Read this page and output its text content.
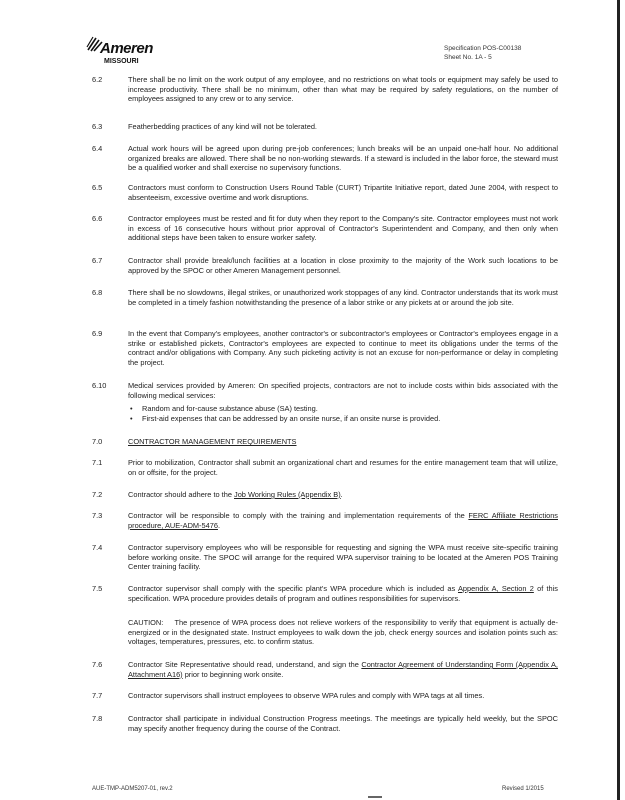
Ameren
MISSOURI
Specification POS-C00138
Sheet No. 1A - 5
6.2	There shall be no limit on the work output of any employee, and no restrictions on what tools or equipment may safely be used to increase productivity. There shall be no minimum, other than what may be required by safety regulations, on the number of employees assigned to any crew or to any service.
6.3	Featherbedding practices of any kind will not be tolerated.
6.4	Actual work hours will be agreed upon during pre-job conferences; lunch breaks will be an unpaid one-half hour. No additional organized breaks are allowed. There shall be no non-working stewards. If a steward is included in the labor force, the steward must be a qualified worker and shall exercise no supervisory functions.
6.5	Contractors must conform to Construction Users Round Table (CURT) Tripartite Initiative report, dated June 2004, with respect to absenteeism, excessive overtime and work disruptions.
6.6	Contractor employees must be rested and fit for duty when they report to the Company's site. Contractor employees must not work in excess of 16 consecutive hours without prior approval of Contractor's Superintendent and Company, and then only when additional steps have been taken to ensure worker safety.
6.7	Contractor shall provide break/lunch facilities at a location in close proximity to the majority of the Work such locations to be approved by the SPOC or other Ameren Management personnel.
6.8	There shall be no slowdowns, illegal strikes, or unauthorized work stoppages of any kind. Contractor understands that its work must be completed in a timely fashion notwithstanding the presence of a labor strike or any pickets at or around the job site.
6.9	In the event that Company's employees, another contractor's or subcontractor's employees or Contractor's employees engage in a strike or established pickets, Contractor's employees are expected to continue to meet its obligations under the terms of the contract and/or obligations with Company. Any such picketing activity is not an excuse for non-performance or delay in completing the project.
6.10	Medical services provided by Ameren: On specified projects, contractors are not to include costs within bids associated with the following medical services:
• Random and for-cause substance abuse (SA) testing.
• First-aid expenses that can be addressed by an onsite nurse, if an onsite nurse is provided.
7.0	CONTRACTOR MANAGEMENT REQUIREMENTS
7.1	Prior to mobilization, Contractor shall submit an organizational chart and resumes for the entire management team that will utilize, on or offsite, for the project.
7.2	Contractor should adhere to the Job Working Rules (Appendix B).
7.3	Contractor will be responsible to comply with the training and implementation requirements of the FERC Affiliate Restrictions procedure, AUE-ADM-5476.
7.4	Contractor supervisory employees who will be responsible for requesting and signing the WPA must receive site-specific training before working onsite. The SPOC will arrange for the required WPA supervisor training to be located at the Ameren POS Training Center training facility.
7.5	Contractor supervisor shall comply with the specific plant's WPA procedure which is included as Appendix A, Section 2 of this specification. WPA procedure provides details of program and outlines responsibilities for supervisors.
CAUTION: The presence of WPA process does not relieve workers of the responsibility to verify that equipment is actually de-energized or in the designated state. Instruct employees to walk down the job, check energy sources and isolation points such as: voltages, temperatures, pressures, etc. to confirm status.
7.6	Contractor Site Representative should read, understand, and sign the Contractor Agreement of Understanding Form (Appendix A, Attachment A16) prior to beginning work onsite.
7.7	Contractor supervisors shall instruct employees to observe WPA rules and comply with WPA tags at all times.
7.8	Contractor shall participate in individual Construction Progress meetings. The meetings are typically held weekly, but the SPOC may specify another frequency during the course of the Contract.
AUE-TMP-ADM5207-01, rev.2	Revised 1/2015
